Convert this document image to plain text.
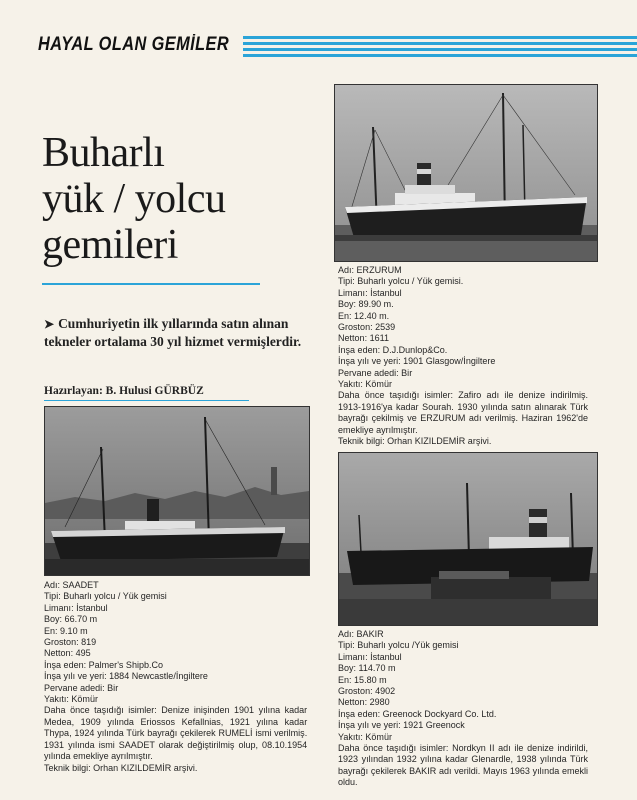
HAYAL OLAN GEMİLER
Buharlı
yük / yolcu
gemileri
➤ Cumhuriyetin ilk yıllarında satın alınan tekneler ortalama 30 yıl hizmet vermişlerdir.
Hazırlayan: B. Hulusi GÜRBÜZ
Adı: ERZURUM
Tipi: Buharlı yolcu / Yük gemisi.
Limanı: İstanbul
Boy: 89.90 m.
En: 12.40 m.
Groston: 2539
Netton: 1611
İnşa eden: D.J.Dunlop&Co.
İnşa yılı ve yeri: 1901 Glasgow/İngiltere
Pervane adedi: Bir
Yakıtı: Kömür
Daha önce taşıdığı isimler: Zafiro adı ile denize indirilmiş. 1913-1916'ya kadar Sourah. 1930 yılında satın alınarak Türk bayrağı çekilmiş ve ERZURUM adı verilmiş. Haziran 1962'de emekliye ayrılmıştır.
Teknik bilgi: Orhan KIZILDEMİR arşivi.
Adı: BAKIR
Tipi: Buharlı yolcu /Yük gemisi
Limanı: İstanbul
Boy: 114.70 m
En: 15.80 m
Groston: 4902
Netton: 2980
İnşa eden: Greenock Dockyard Co. Ltd.
İnşa yılı ve yeri: 1921 Greenock
Yakıtı: Kömür
Daha önce taşıdığı isimler: Nordkyn II adı ile denize indirildi, 1923 yılından 1932 yılına kadar Glenardle, 1938 yılında Türk bayrağı çekilerek BAKIR adı verildi. Mayıs 1963 yılında emekli oldu.
Adı: SAADET
Tipi: Buharlı yolcu / Yük gemisi
Limanı: İstanbul
Boy: 66.70 m
En: 9.10 m
Groston: 819
Netton: 495
İnşa eden: Palmer's Shipb.Co
İnşa yılı ve yeri: 1884 Newcastle/İngiltere
Pervane adedi: Bir
Yakıtı: Kömür
Daha önce taşıdığı isimler: Denize inişinden 1901 yılına kadar Medea, 1909 yılında Eriossos Kefallnias, 1921 yılına kadar Thypa, 1924 yılında Türk bayrağı çekilerek RUMELİ ismi verilmiş. 1931 yılında ismi SAADET olarak değiştirilmiş olup, 08.10.1954 yılında emekliye ayrılmıştır.
Teknik bilgi: Orhan KIZILDEMİR arşivi.
